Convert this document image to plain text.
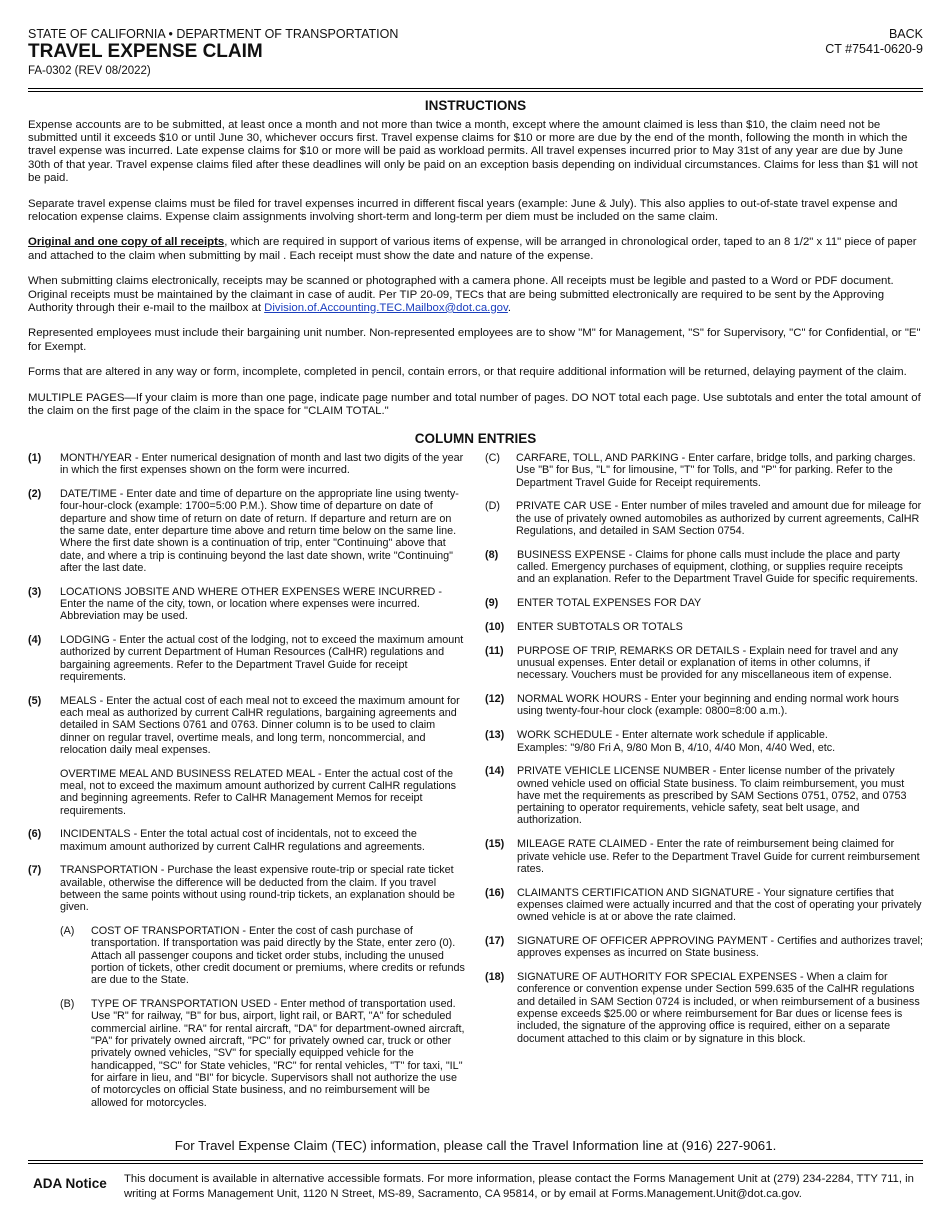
STATE OF CALIFORNIA • DEPARTMENT OF TRANSPORTATION
TRAVEL EXPENSE CLAIM
FA-0302 (REV 08/2022)
BACK
CT #7541-0620-9
INSTRUCTIONS

Expense accounts are to be submitted, at least once a month and not more than twice a month, except where the amount claimed is less than $10, the claim need not be submitted until it exceeds $10 or until June 30, whichever occurs first. Travel expense claims for $10 or more are due by the end of the month, following the month in which the travel expense was incurred. Late expense claims for $10 or more will be paid as workload permits. All travel expenses incurred prior to May 31st of any year are due by June 30th of that year. Travel expense claims filed after these deadlines will only be paid on an exception basis depending on individual circumstances. Claims for less than $1 will not be paid.

Separate travel expense claims must be filed for travel expenses incurred in different fiscal years (example: June & July). This also applies to out-of-state travel expense and relocation expense claims. Expense claim assignments involving short-term and long-term per diem must be included on the same claim.

Original and one copy of all receipts, which are required in support of various items of expense, will be arranged in chronological order, taped to an 8 1/2" x 11" piece of paper and attached to the claim when submitting by mail . Each receipt must show the date and nature of the expense.

When submitting claims electronically, receipts may be scanned or photographed with a camera phone. All receipts must be legible and pasted to a Word or PDF document. Original receipts must be maintained by the claimant in case of audit. Per TIP 20-09, TECs that are being submitted electronically are required to be sent by the Approving Authority through their e-mail to the mailbox at Division.of.Accounting.TEC.Mailbox@dot.ca.gov.

Represented employees must include their bargaining unit number. Non-represented employees are to show "M" for Management, "S" for Supervisory, "C" for Confidential, or "E" for Exempt.

Forms that are altered in any way or form, incomplete, completed in pencil, contain errors, or that require additional information will be returned, delaying payment of the claim.

MULTIPLE PAGES—If your claim is more than one page, indicate page number and total number of pages. DO NOT total each page. Use subtotals and enter the total amount of the claim on the first page of the claim in the space for "CLAIM TOTAL."

COLUMN ENTRIES
(1)	MONTH/YEAR - Enter numerical designation of month and last two digits of the year in which the first expenses shown on the form were incurred.
(2)	DATE/TIME - Enter date and time of departure on the appropriate line using twenty-four-hour-clock (example: 1700=5:00 P.M.). Show time of departure on date of departure and show time of return on date of return. If departure and return are on the same date, enter departure time above and return time below on the same line. Where the first date shown is a continuation of trip, enter "Continuing" above that date, and where a trip is continuing beyond the last date shown, write "Continuing" after the last date.
(3)	LOCATIONS JOBSITE AND WHERE OTHER EXPENSES WERE INCURRED - Enter the name of the city, town, or location where expenses were incurred. Abbreviation may be used.
(4)	LODGING - Enter the actual cost of the lodging, not to exceed the maximum amount authorized by current Department of Human Resources (CalHR) regulations and bargaining agreements. Refer to the Department Travel Guide for receipt requirements.
(5)	MEALS - Enter the actual cost of each meal not to exceed the maximum amount for each meal as authorized by current CalHR regulations, bargaining agreements and detailed in SAM Sections 0761 and 0763. Dinner column is to be used to claim dinner on regular travel, overtime meals, and long term, noncommercial, and relocation daily meal expenses.
OVERTIME MEAL AND BUSINESS RELATED MEAL - Enter the actual cost of the meal, not to exceed the maximum amount authorized by current CalHR regulations and beginning agreements. Refer to CalHR Management Memos for receipt requirements.
(6)	INCIDENTALS - Enter the total actual cost of incidentals, not to exceed the maximum amount authorized by current CalHR regulations and agreements.
(7)	TRANSPORTATION - Purchase the least expensive route-trip or special rate ticket available, otherwise the difference will be deducted from the claim. If you travel between the same points without using round-trip tickets, an explanation should be given.
(A)	COST OF TRANSPORTATION - Enter the cost of cash purchase of transportation. If transportation was paid directly by the State, enter zero (0). Attach all passenger coupons and ticket order stubs, including the unused portion of tickets, other credit document or premiums, where credits or refunds are due to the State.
(B)	TYPE OF TRANSPORTATION USED - Enter method of transportation used. Use "R" for railway, "B" for bus, airport, light rail, or BART, "A" for scheduled commercial airline. "RA" for rental aircraft, "DA" for department-owned aircraft, "PA" for privately owned aircraft, "PC" for privately owned car, truck or other privately owned vehicles, "SV" for specially equipped vehicle for the handicapped, "SC" for State vehicles, "RC" for rental vehicles, "T" for taxi, "IL" for airfare in lieu, and "BI" for bicycle. Supervisors shall not authorize the use of motorcycles on official State business, and no reimbursement will be allowed for motorcycles.
(C)	CARFARE, TOLL, AND PARKING - Enter carfare, bridge tolls, and parking charges. Use "B" for Bus, "L" for limousine, "T" for Tolls, and "P" for parking. Refer to the Department Travel Guide for Receipt requirements.
(D)	PRIVATE CAR USE - Enter number of miles traveled and amount due for mileage for the use of privately owned automobiles as authorized by current agreements, CalHR Regulations, and detailed in SAM Section 0754.
(8)	BUSINESS EXPENSE - Claims for phone calls must include the place and party called. Emergency purchases of equipment, clothing, or supplies require receipts and an explanation. Refer to the Department Travel Guide for specific requirements.
(9)	ENTER TOTAL EXPENSES FOR DAY
(10)	ENTER SUBTOTALS OR TOTALS
(11)	PURPOSE OF TRIP, REMARKS OR DETAILS - Explain need for travel and any unusual expenses. Enter detail or explanation of items in other columns, if necessary. Vouchers must be provided for any miscellaneous item of expense.
(12)	NORMAL WORK HOURS - Enter your beginning and ending normal work hours using twenty-four-hour clock (example: 0800=8:00 a.m.).
(13)	WORK SCHEDULE - Enter alternate work schedule if applicable.
Examples: "9/80 Fri A, 9/80 Mon B, 4/10, 4/40 Mon, 4/40 Wed, etc.
(14)	PRIVATE VEHICLE LICENSE NUMBER - Enter license number of the privately owned vehicle used on official State business. To claim reimbursement, you must have met the requirements as prescribed by SAM Sections 0751, 0752, and 0753 pertaining to operator requirements, vehicle safety, seat belt usage, and authorization.
(15)	MILEAGE RATE CLAIMED - Enter the rate of reimbursement being claimed for private vehicle use. Refer to the Department Travel Guide for current reimbursement rates.
(16)	CLAIMANTS CERTIFICATION AND SIGNATURE - Your signature certifies that expenses claimed were actually incurred and that the cost of operating your privately owned vehicle is at or above the rate claimed.
(17)	SIGNATURE OF OFFICER APPROVING PAYMENT - Certifies and authorizes travel; approves expenses as incurred on State business.
(18)	SIGNATURE OF AUTHORITY FOR SPECIAL EXPENSES - When a claim for conference or convention expense under Section 599.635 of the CalHR regulations and detailed in SAM Section 0724 is included, or when reimbursement of a business expense exceeds $25.00 or where reimbursement for Bar dues or license fees is included, the signature of the approving office is required, either on a separate document attached to this claim or by signature in this block.
For Travel Expense Claim (TEC) information, please call the Travel Information line at (916) 227-9061.
ADA Notice This document is available in alternative accessible formats. For more information, please contact the Forms Management Unit at (279) 234-2284, TTY 711, in writing at Forms Management Unit, 1120 N Street, MS-89, Sacramento, CA 95814, or by email at Forms.Management.Unit@dot.ca.gov.
